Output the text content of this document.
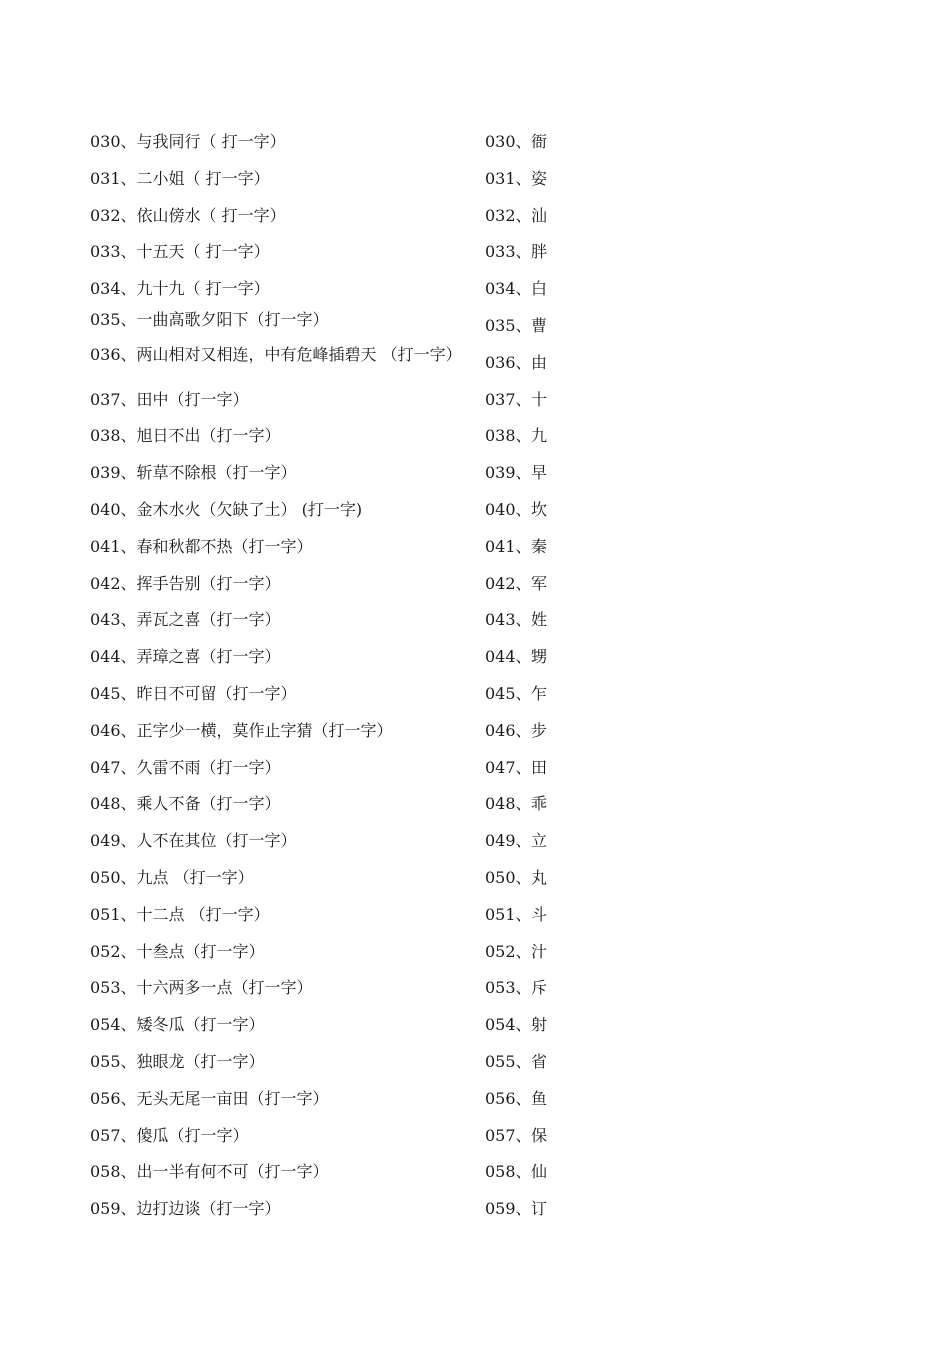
030、与我同行（ 打一字）	030、衙
031、二小姐（ 打一字）	031、姿
032、依山傍水（ 打一字）	032、汕
033、十五天（ 打一字）	033、胖
034、九十九（ 打一字）	034、白
035、一曲高歌夕阳下（打一字）	035、曹
036、两山相对又相连，中有危峰插碧天 （打一字） 036、由
037、田中（打一字）	037、十
038、旭日不出（打一字）	038、九
039、斩草不除根（打一字）	039、早
040、金木水火（欠缺了土） (打一字)	040、坎
041、春和秋都不热（打一字）	041、秦
042、挥手告别（打一字）	042、军
043、弄瓦之喜（打一字）	043、姓
044、弄璋之喜（打一字）	044、甥
045、昨日不可留（打一字）	045、乍
046、正字少一横，莫作止字猜（打一字）	046、步
047、久雷不雨（打一字）	047、田
048、乘人不备（打一字）	048、乖
049、人不在其位（打一字）	049、立
050、九点 （打一字）	050、丸
051、十二点 （打一字）	051、斗
052、十叁点（打一字）	052、汁
053、十六两多一点（打一字）	053、斥
054、矮冬瓜（打一字）	054、射
055、独眼龙（打一字）	055、省
056、无头无尾一亩田（打一字）	056、鱼
057、傻瓜（打一字）	057、保
058、出一半有何不可（打一字）	058、仙
059、边打边谈（打一字）	059、订
